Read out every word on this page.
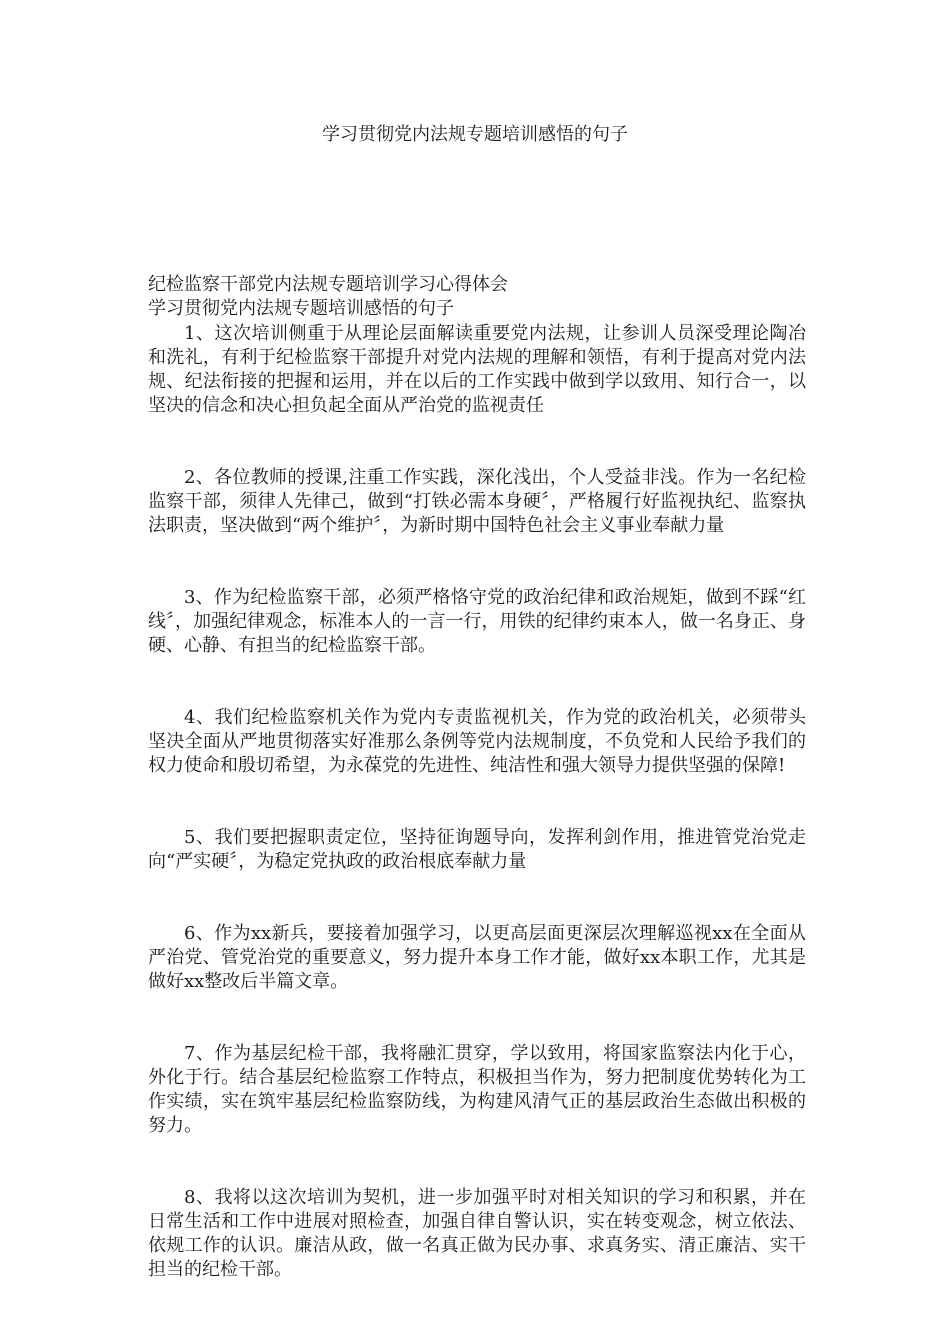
学习贯彻党内法规专题培训感悟的句子

纪检监察干部党内法规专题培训学习心得体会

学习贯彻党内法规专题培训感悟的句子

1、这次培训侧重于从理论层面解读重要党内法规，让参训人员深受理论陶冶和洗礼，有利于纪检监察干部提升对党内法规的理解和领悟，有利于提高对党内法规、纪法衔接的把握和运用，并在以后的工作实践中做到学以致用、知行合一，以坚决的信念和决心担负起全面从严治党的监视责任

2、各位教师的授课,注重工作实践，深化浅出，个人受益非浅。作为一名纪检监察干部，须律人先律己，做到“打铁必需本身硬〞，严格履行好监视执纪、监察执法职责，坚决做到“两个维护〞，为新时期中国特色社会主义事业奉献力量

3、作为纪检监察干部，必须严格恪守党的政治纪律和政治规矩，做到不踩“红线〞，加强纪律观念，标准本人的一言一行，用铁的纪律约束本人，做一名身正、身硬、心静、有担当的纪检监察干部。

4、我们纪检监察机关作为党内专责监视机关，作为党的政治机关，必须带头坚决全面从严地贯彻落实好准那么条例等党内法规制度，不负党和人民给予我们的权力使命和殷切希望，为永葆党的先进性、纯洁性和强大领导力提供坚强的保障!

5、我们要把握职责定位，坚持征询题导向，发挥利剑作用，推进管党治党走向“严实硬〞，为稳定党执政的政治根底奉献力量

6、作为xx新兵，要接着加强学习，以更高层面更深层次理解巡视xx在全面从严治党、管党治党的重要意义，努力提升本身工作才能，做好xx本职工作，尤其是做好xx整改后半篇文章。

7、作为基层纪检干部，我将融汇贯穿，学以致用，将国家监察法内化于心，外化于行。结合基层纪检监察工作特点，积极担当作为，努力把制度优势转化为工作实绩，实在筑牢基层纪检监察防线，为构建风清气正的基层政治生态做出积极的努力。

8、我将以这次培训为契机，进一步加强平时对相关知识的学习和积累，并在日常生活和工作中进展对照检查，加强自律自警认识，实在转变观念，树立依法、依规工作的认识。廉洁从政，做一名真正做为民办事、求真务实、清正廉洁、实干担当的纪检干部。
